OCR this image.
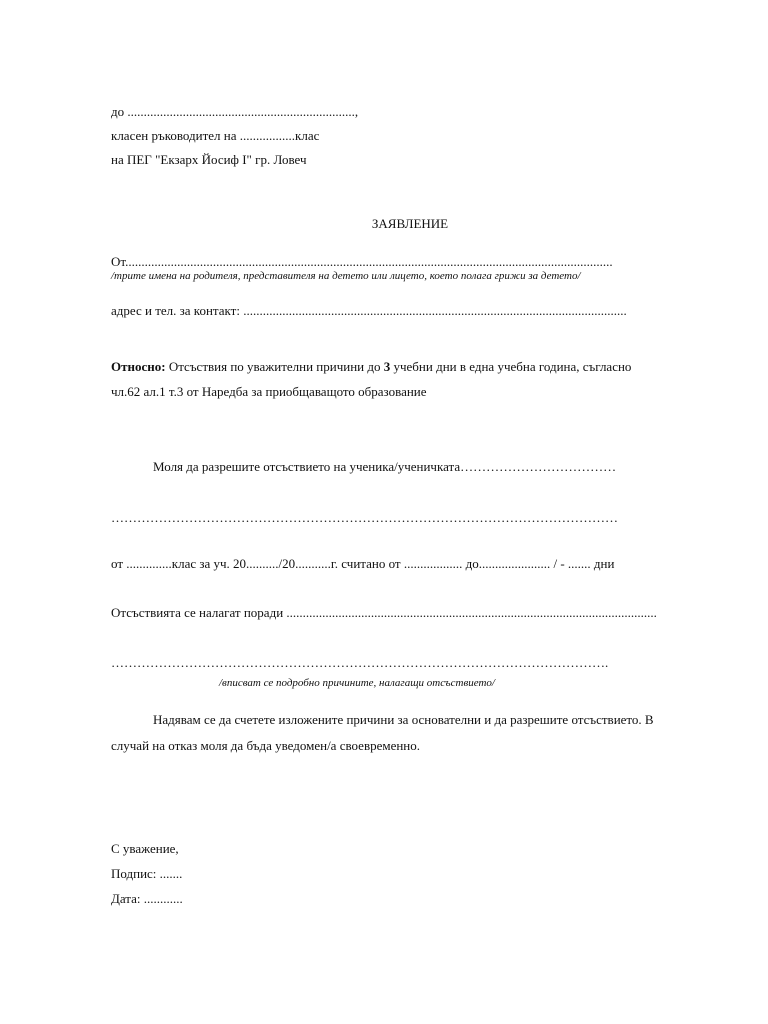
до ......................................................................,
класен ръководител на .................клас
на ПЕГ "Екзарх Йосиф I" гр. Ловеч
ЗАЯВЛЕНИЕ
От......................................................................................................................................................
/трите имена на родителя, представителя на детето или лицето, което полага грижи за детето/
адрес и тел. за контакт: ......................................................................................................................
Относно: Отсъствия по уважителни причини до 3 учебни дни в една учебна година, съгласно
чл.62 ал.1 т.3 от Наредба за приобщаващото образование
Моля да разрешите отсъствието на ученика/ученичката………………………………
………………………………………………………………………………………………………
от ..............клас за уч. 20........../20...........г. считано от .................. до...................... / - ....... дни
Отсъствията се налагат поради ..................................................................................................................
…………………………………………………………………………………………………….
/вписват се подробно причините, налагащи отсъствието/
Надявам се да счетете изложените причини за основателни и да разрешите отсъствието. В
случай на отказ моля да бъда уведомен/а своевременно.
С уважение,
Подпис: .......
Дата: ............
